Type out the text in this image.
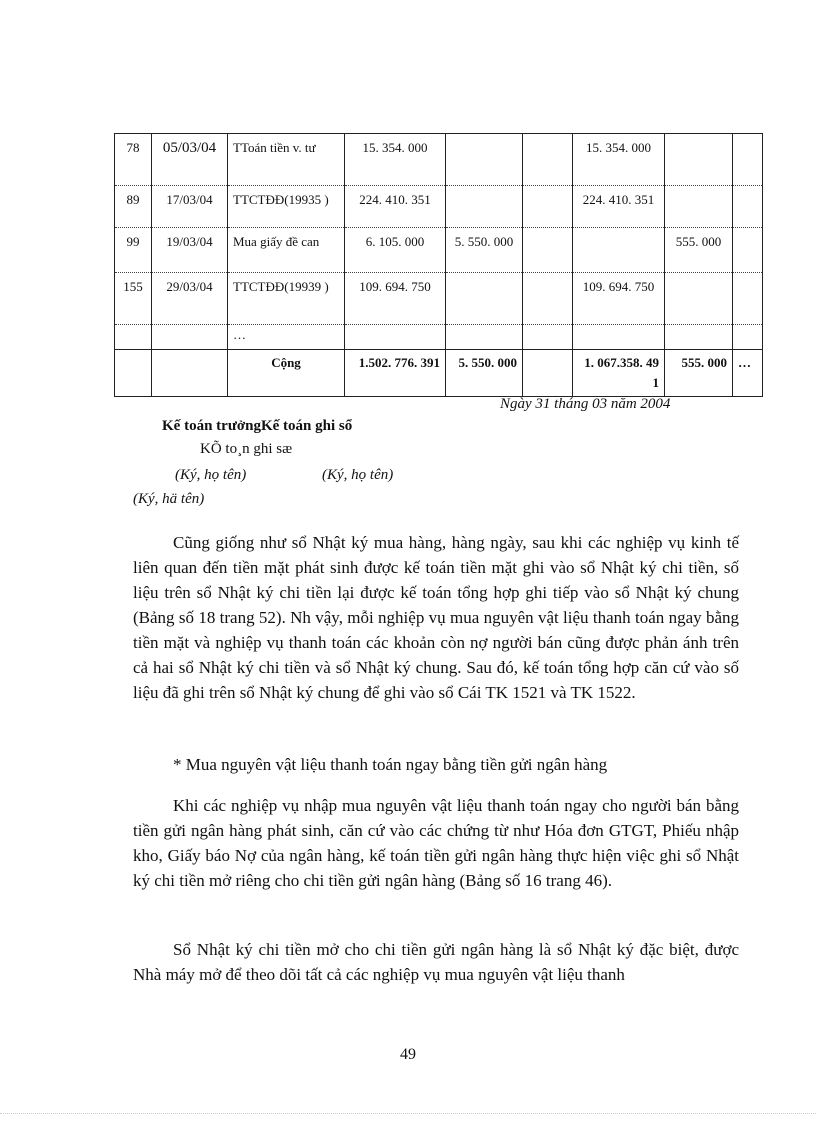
78	05/03/04	TToán tiền v. tư	15. 354. 000			15. 354. 000		
89	17/03/04	TTCTĐĐ(19935 )	224. 410. 351			224. 410. 351		
99	19/03/04	Mua giấy đề can	6. 105. 000	5. 550. 000			555. 000	
155	29/03/04	TTCTĐĐ(19939 )	109. 694. 750			109. 694. 750		
		…						
		Cộng	1.502. 776. 391	5. 550. 000		1. 067.358. 491	555. 000	…
Ngày 31 tháng 03 năm 2004
Kế toán trưởngKế toán ghi sổ
KÕ to¸n ghi sæ
(Ký, họ tên)	(Ký, họ tên)
(Ký, hä tên)

Cũng giống như sổ Nhật ký mua hàng, hàng ngày, sau khi các nghiệp vụ kinh tế liên quan đến tiền mặt phát sinh được kế toán tiền mặt ghi vào sổ Nhật ký chi tiền, số liệu trên sổ Nhật ký chi tiền lại được kế toán tổng hợp ghi tiếp vào sổ Nhật ký chung (Bảng số 18 trang 52). Nh vậy, mỗi nghiệp vụ mua nguyên vật liệu thanh toán ngay bằng tiền mặt và nghiệp vụ thanh toán các khoản còn nợ người bán cũng được phản ánh trên cả hai sổ Nhật ký chi tiền và sổ Nhật ký chung. Sau đó, kế toán tổng hợp căn cứ vào số liệu đã ghi trên sổ Nhật ký chung để ghi vào sổ Cái TK 1521 và TK 1522.

* Mua nguyên vật liệu thanh toán ngay bằng tiền gửi ngân hàng

Khi các nghiệp vụ nhập mua nguyên vật liệu thanh toán ngay cho người bán bằng tiền gửi ngân hàng phát sinh, căn cứ vào các chứng từ như Hóa đơn GTGT, Phiếu nhập kho, Giấy báo Nợ của ngân hàng, kế toán tiền gửi ngân hàng thực hiện việc ghi sổ Nhật ký chi tiền mở riêng cho chi tiền gửi ngân hàng (Bảng số 16 trang 46).

Sổ Nhật ký chi tiền mở cho chi tiền gửi ngân hàng là sổ Nhật ký đặc biệt, được Nhà máy mở để theo dõi tất cả các nghiệp vụ mua nguyên vật liệu thanh

49
